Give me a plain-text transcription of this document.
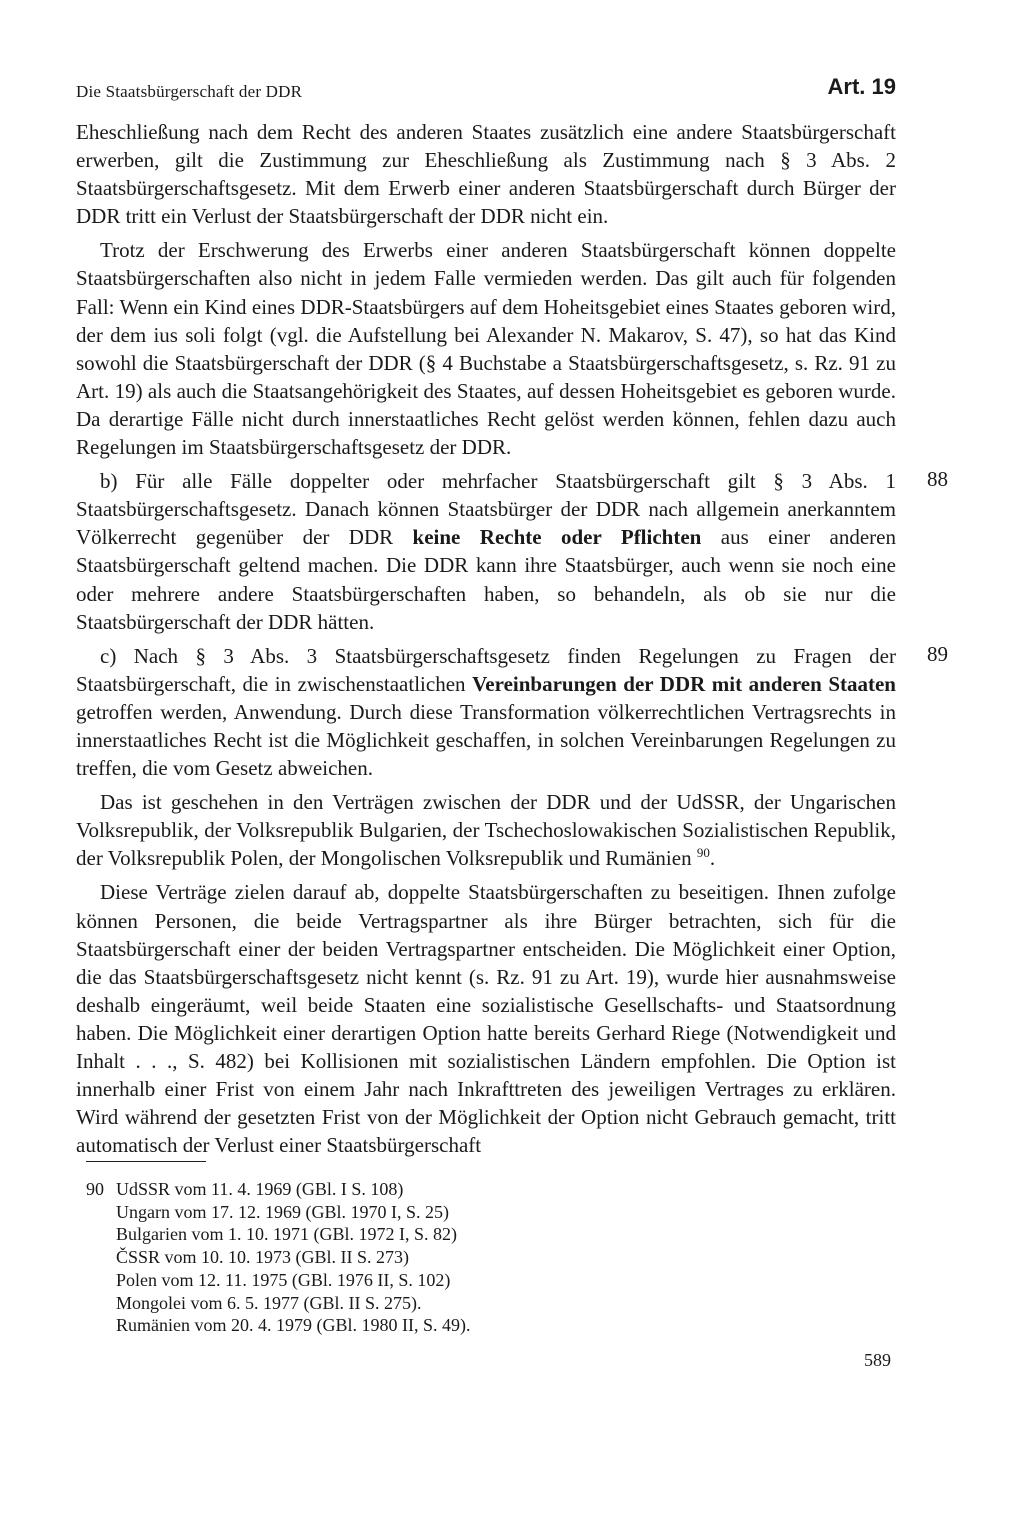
Die Staatsbürgerschaft der DDR	Art. 19

Eheschließung nach dem Recht des anderen Staates zusätzlich eine andere Staatsbürgerschaft erwerben, gilt die Zustimmung zur Eheschließung als Zustimmung nach § 3 Abs. 2 Staatsbürgerschaftsgesetz. Mit dem Erwerb einer anderen Staatsbürgerschaft durch Bürger der DDR tritt ein Verlust der Staatsbürgerschaft der DDR nicht ein.

Trotz der Erschwerung des Erwerbs einer anderen Staatsbürgerschaft können doppelte Staatsbürgerschaften also nicht in jedem Falle vermieden werden. Das gilt auch für folgenden Fall: Wenn ein Kind eines DDR-Staatsbürgers auf dem Hoheitsgebiet eines Staates geboren wird, der dem ius soli folgt (vgl. die Aufstellung bei Alexander N. Makarov, S. 47), so hat das Kind sowohl die Staatsbürgerschaft der DDR (§ 4 Buchstabe a Staatsbürgerschaftsgesetz, s. Rz. 91 zu Art. 19) als auch die Staatsangehörigkeit des Staates, auf dessen Hoheitsgebiet es geboren wurde. Da derartige Fälle nicht durch innerstaatliches Recht gelöst werden können, fehlen dazu auch Regelungen im Staatsbürgerschaftsgesetz der DDR.

b) Für alle Fälle doppelter oder mehrfacher Staatsbürgerschaft gilt § 3 Abs. 1 Staatsbürgerschaftsgesetz. Danach können Staatsbürger der DDR nach allgemein anerkanntem Völkerrecht gegenüber der DDR keine Rechte oder Pflichten aus einer anderen Staatsbürgerschaft geltend machen. Die DDR kann ihre Staatsbürger, auch wenn sie noch eine oder mehrere andere Staatsbürgerschaften haben, so behandeln, als ob sie nur die Staatsbürgerschaft der DDR hätten.

c) Nach § 3 Abs. 3 Staatsbürgerschaftsgesetz finden Regelungen zu Fragen der Staatsbürgerschaft, die in zwischenstaatlichen Vereinbarungen der DDR mit anderen Staaten getroffen werden, Anwendung. Durch diese Transformation völkerrechtlichen Vertragsrechts in innerstaatliches Recht ist die Möglichkeit geschaffen, in solchen Vereinbarungen Regelungen zu treffen, die vom Gesetz abweichen.

Das ist geschehen in den Verträgen zwischen der DDR und der UdSSR, der Ungarischen Volksrepublik, der Volksrepublik Bulgarien, der Tschechoslowakischen Sozialistischen Republik, der Volksrepublik Polen, der Mongolischen Volksrepublik und Rumänien $^{90}$.

Diese Verträge zielen darauf ab, doppelte Staatsbürgerschaften zu beseitigen. Ihnen zufolge können Personen, die beide Vertragspartner als ihre Bürger betrachten, sich für die Staatsbürgerschaft einer der beiden Vertragspartner entscheiden. Die Möglichkeit einer Option, die das Staatsbürgerschaftsgesetz nicht kennt (s. Rz. 91 zu Art. 19), wurde hier ausnahmsweise deshalb eingeräumt, weil beide Staaten eine sozialistische Gesellschafts- und Staatsordnung haben. Die Möglichkeit einer derartigen Option hatte bereits Gerhard Riege (Notwendigkeit und Inhalt . . ., S. 482) bei Kollisionen mit sozialistischen Ländern empfohlen. Die Option ist innerhalb einer Frist von einem Jahr nach Inkrafttreten des jeweiligen Vertrages zu erklären. Wird während der gesetzten Frist von der Möglichkeit der Option nicht Gebrauch gemacht, tritt automatisch der Verlust einer Staatsbürgerschaft

88
89
90 UdSSR vom 11. 4. 1969 (GBl. I S. 108)
Ungarn vom 17. 12. 1969 (GBl. 1970 I, S. 25)
Bulgarien vom 1. 10. 1971 (GBl. 1972 I, S. 82)
ČSSR vom 10. 10. 1973 (GBl. II S. 273)
Polen vom 12. 11. 1975 (GBl. 1976 II, S. 102)
Mongolei vom 6. 5. 1977 (GBl. II S. 275).
Rumänien vom 20. 4. 1979 (GBl. 1980 II, S. 49).
589
